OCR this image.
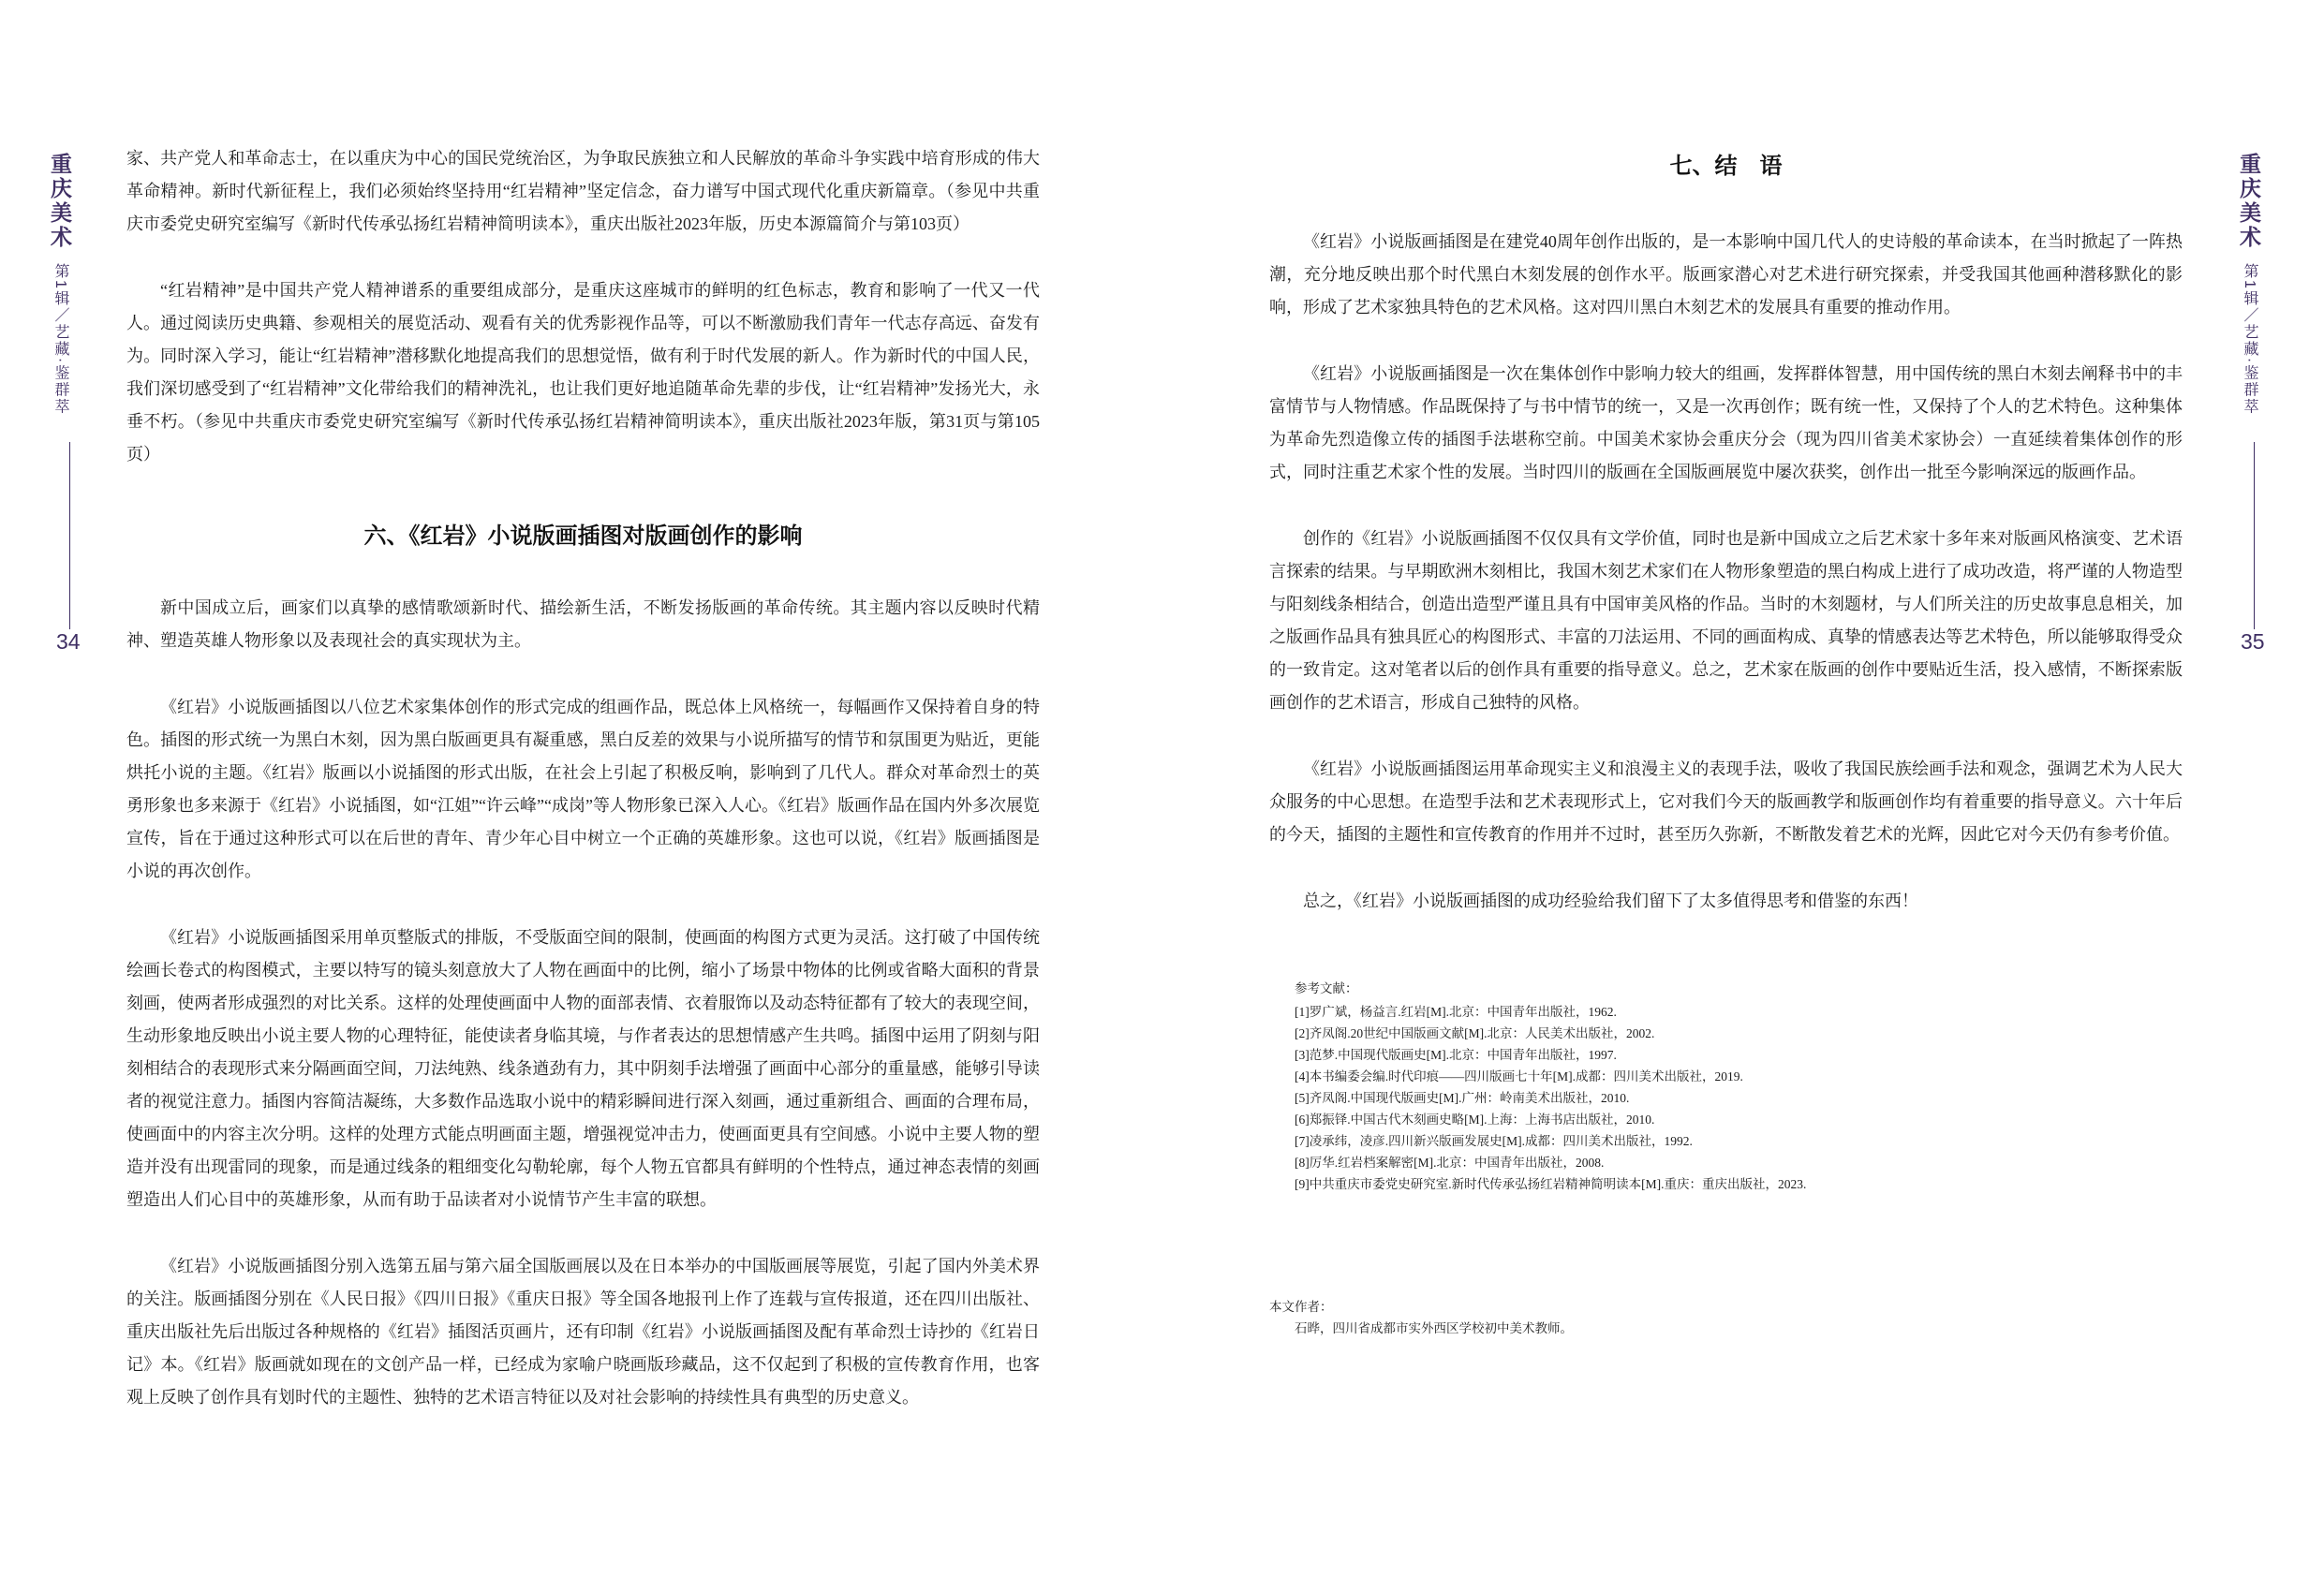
重庆美术第1辑／艺藏·鉴群萃
34

家、共产党人和革命志士，在以重庆为中心的国民党统治区，为争取民族独立和人民解放的革命斗争实践中培育形成的伟大革命精神。新时代新征程上，我们必须始终坚持用“红岩精神”坚定信念，奋力谱写中国式现代化重庆新篇章。（参见中共重庆市委党史研究室编写《新时代传承弘扬红岩精神简明读本》，重庆出版社2023年版，历史本源篇简介与第103页）

“红岩精神”是中国共产党人精神谱系的重要组成部分，是重庆这座城市的鲜明的红色标志，教育和影响了一代又一代人。通过阅读历史典籍、参观相关的展览活动、观看有关的优秀影视作品等，可以不断激励我们青年一代志存高远、奋发有为。同时深入学习，能让“红岩精神”潜移默化地提高我们的思想觉悟，做有利于时代发展的新人。作为新时代的中国人民，我们深切感受到了“红岩精神”文化带给我们的精神洗礼，也让我们更好地追随革命先辈的步伐，让“红岩精神”发扬光大，永垂不朽。（参见中共重庆市委党史研究室编写《新时代传承弘扬红岩精神简明读本》，重庆出版社2023年版，第31页与第105页）

六、《红岩》小说版画插图对版画创作的影响

新中国成立后，画家们以真挚的感情歌颂新时代、描绘新生活，不断发扬版画的革命传统。其主题内容以反映时代精神、塑造英雄人物形象以及表现社会的真实现状为主。

《红岩》小说版画插图以八位艺术家集体创作的形式完成的组画作品，既总体上风格统一，每幅画作又保持着自身的特色。插图的形式统一为黑白木刻，因为黑白版画更具有凝重感，黑白反差的效果与小说所描写的情节和氛围更为贴近，更能烘托小说的主题。《红岩》版画以小说插图的形式出版，在社会上引起了积极反响，影响到了几代人。群众对革命烈士的英勇形象也多来源于《红岩》小说插图，如“江姐”“许云峰”“成岗”等人物形象已深入人心。《红岩》版画作品在国内外多次展览宣传，旨在于通过这种形式可以在后世的青年、青少年心目中树立一个正确的英雄形象。这也可以说，《红岩》版画插图是小说的再次创作。

《红岩》小说版画插图采用单页整版式的排版，不受版面空间的限制，使画面的构图方式更为灵活。这打破了中国传统绘画长卷式的构图模式，主要以特写的镜头刻意放大了人物在画面中的比例，缩小了场景中物体的比例或省略大面积的背景刻画，使两者形成强烈的对比关系。这样的处理使画面中人物的面部表情、衣着服饰以及动态特征都有了较大的表现空间，生动形象地反映出小说主要人物的心理特征，能使读者身临其境，与作者表达的思想情感产生共鸣。插图中运用了阴刻与阳刻相结合的表现形式来分隔画面空间，刀法纯熟、线条遒劲有力，其中阴刻手法增强了画面中心部分的重量感，能够引导读者的视觉注意力。插图内容简洁凝练，大多数作品选取小说中的精彩瞬间进行深入刻画，通过重新组合、画面的合理布局，使画面中的内容主次分明。这样的处理方式能点明画面主题，增强视觉冲击力，使画面更具有空间感。小说中主要人物的塑造并没有出现雷同的现象，而是通过线条的粗细变化勾勒轮廓，每个人物五官都具有鲜明的个性特点，通过神态表情的刻画塑造出人们心目中的英雄形象，从而有助于品读者对小说情节产生丰富的联想。

《红岩》小说版画插图分别入选第五届与第六届全国版画展以及在日本举办的中国版画展等展览，引起了国内外美术界的关注。版画插图分别在《人民日报》《四川日报》《重庆日报》等全国各地报刊上作了连载与宣传报道，还在四川出版社、重庆出版社先后出版过各种规格的《红岩》插图活页画片，还有印制《红岩》小说版画插图及配有革命烈士诗抄的《红岩日记》本。《红岩》版画就如现在的文创产品一样，已经成为家喻户晓画版珍藏品，这不仅起到了积极的宣传教育作用，也客观上反映了创作具有划时代的主题性、独特的艺术语言特征以及对社会影响的持续性具有典型的历史意义。

七、结　语

《红岩》小说版画插图是在建党40周年创作出版的，是一本影响中国几代人的史诗般的革命读本，在当时掀起了一阵热潮，充分地反映出那个时代黑白木刻发展的创作水平。版画家潜心对艺术进行研究探索，并受我国其他画种潜移默化的影响，形成了艺术家独具特色的艺术风格。这对四川黑白木刻艺术的发展具有重要的推动作用。

《红岩》小说版画插图是一次在集体创作中影响力较大的组画，发挥群体智慧，用中国传统的黑白木刻去阐释书中的丰富情节与人物情感。作品既保持了与书中情节的统一，又是一次再创作；既有统一性，又保持了个人的艺术特色。这种集体为革命先烈造像立传的插图手法堪称空前。中国美术家协会重庆分会（现为四川省美术家协会）一直延续着集体创作的形式，同时注重艺术家个性的发展。当时四川的版画在全国版画展览中屡次获奖，创作出一批至今影响深远的版画作品。

创作的《红岩》小说版画插图不仅仅具有文学价值，同时也是新中国成立之后艺术家十多年来对版画风格演变、艺术语言探索的结果。与早期欧洲木刻相比，我国木刻艺术家们在人物形象塑造的黑白构成上进行了成功改造，将严谨的人物造型与阳刻线条相结合，创造出造型严谨且具有中国审美风格的作品。当时的木刻题材，与人们所关注的历史故事息息相关，加之版画作品具有独具匠心的构图形式、丰富的刀法运用、不同的画面构成、真挚的情感表达等艺术特色，所以能够取得受众的一致肯定。这对笔者以后的创作具有重要的指导意义。总之，艺术家在版画的创作中要贴近生活，投入感情，不断探索版画创作的艺术语言，形成自己独特的风格。

《红岩》小说版画插图运用革命现实主义和浪漫主义的表现手法，吸收了我国民族绘画手法和观念，强调艺术为人民大众服务的中心思想。在造型手法和艺术表现形式上，它对我们今天的版画教学和版画创作均有着重要的指导意义。六十年后的今天，插图的主题性和宣传教育的作用并不过时，甚至历久弥新，不断散发着艺术的光辉，因此它对今天仍有参考价值。

总之，《红岩》小说版画插图的成功经验给我们留下了太多值得思考和借鉴的东西！

参考文献：

[1]罗广斌，杨益言.红岩[M].北京：中国青年出版社，1962.

[2]齐凤阁.20世纪中国版画文献[M].北京：人民美术出版社，2002.

[3]范梦.中国现代版画史[M].北京：中国青年出版社，1997.

[4]本书编委会编.时代印痕——四川版画七十年[M].成都：四川美术出版社，2019.

[5]齐凤阁.中国现代版画史[M].广州：岭南美术出版社，2010.

[6]郑振铎.中国古代木刻画史略[M].上海：上海书店出版社，2010.

[7]凌承纬，凌彦.四川新兴版画发展史[M].成都：四川美术出版社，1992.

[8]厉华.红岩档案解密[M].北京：中国青年出版社，2008.

[9]中共重庆市委党史研究室.新时代传承弘扬红岩精神简明读本[M].重庆：重庆出版社，2023.

本文作者：
石晔，四川省成都市实外西区学校初中美术教师。
重庆美术第1辑／艺藏·鉴群萃
35
